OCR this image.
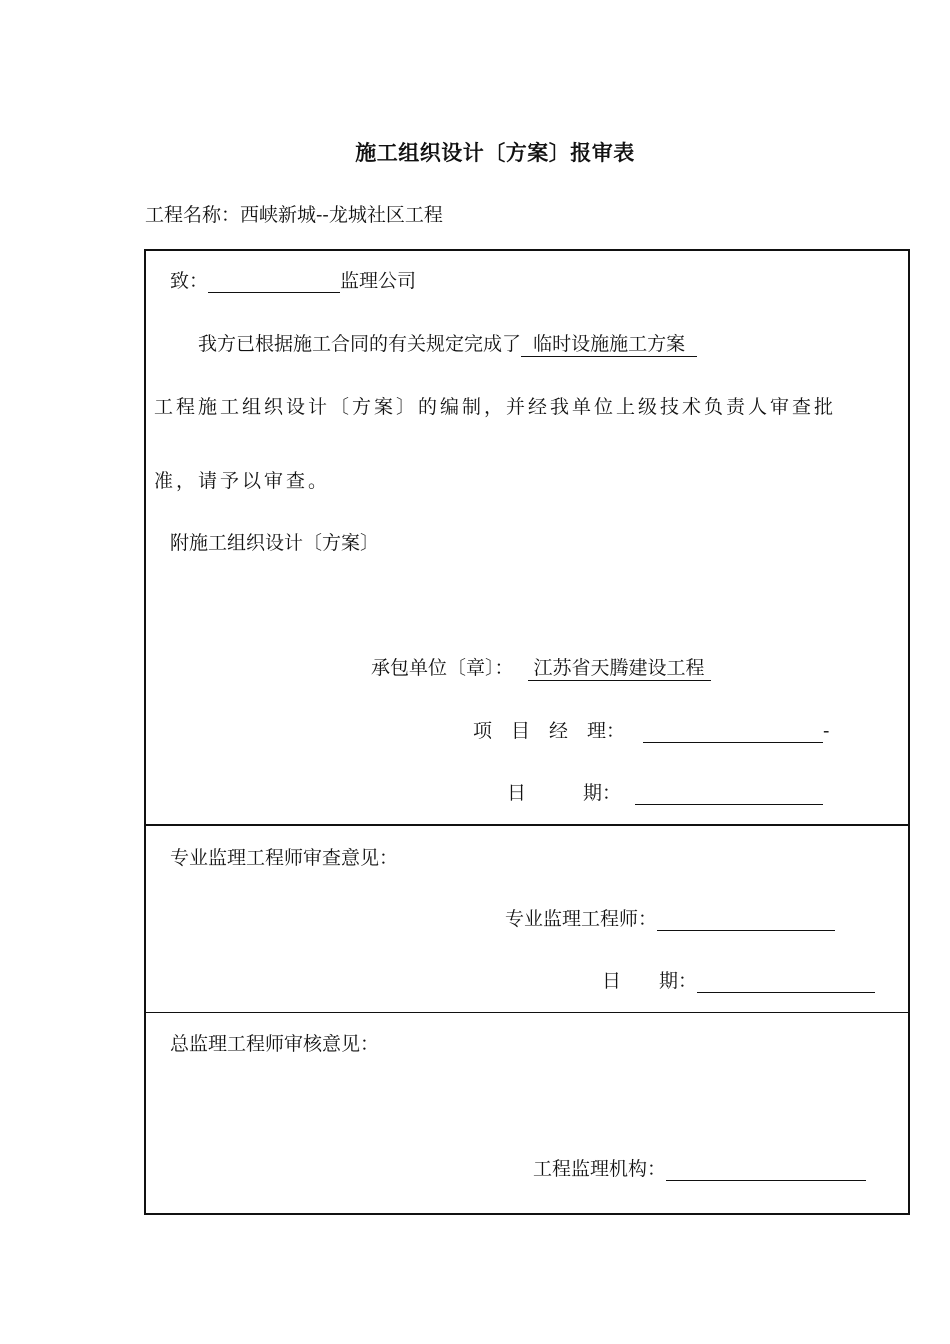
施工组织设计〔方案〕报审表
工程名称：西峡新城--龙城社区工程
致：	监理公司
我方已根据施工合同的有关规定完成了  临时设施施工方案
工程施工组织设计〔方案〕的编制，并经我单位上级技术负责人审查批
准，请予以审查。
附施工组织设计〔方案〕
承包单位〔章〕： 江苏省天腾建设工程
项　目　经　理：	-
日　　　期：
专业监理工程师审查意见：
专业监理工程师：
日　　期：
总监理工程师审核意见：
工程监理机构：
